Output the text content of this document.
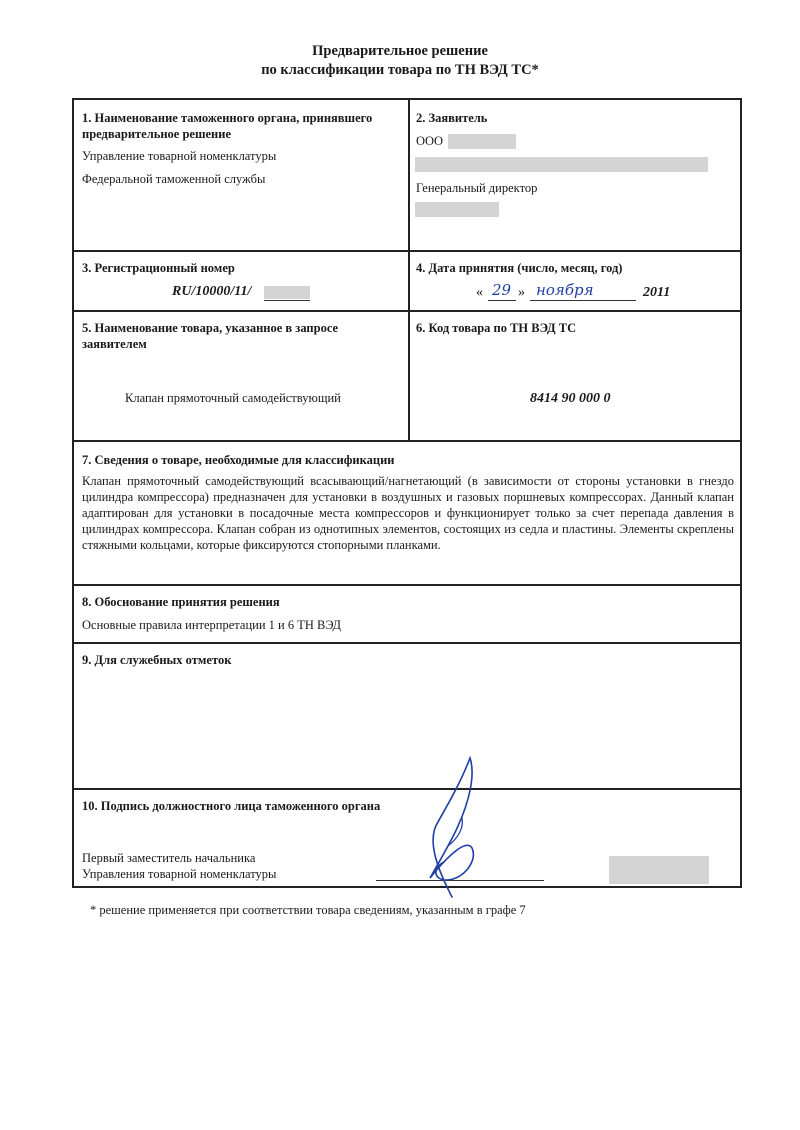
Предварительное решение
по классификации товара по ТН ВЭД ТС*
1. Наименование таможенного органа, принявшего
предварительное решение
Управление товарной номенклатуры
Федеральной таможенной службы
2. Заявитель
ООО
Генеральный директор
3. Регистрационный номер
RU/10000/11/
4. Дата принятия (число, месяц, год)
« 29 » ноября	2011
5. Наименование товара, указанное в запросе
заявителем
Клапан прямоточный самодействующий
6. Код товара по ТН ВЭД ТС
8414 90 000 0
7. Сведения о товаре, необходимые для классификации
Клапан прямоточный самодействующий всасывающий/нагнетающий (в зависимости от стороны установки в гнездо цилиндра компрессора) предназначен для установки в воздушных и газовых поршневых компрессорах. Данный клапан адаптирован для установки в посадочные места компрессоров и функционирует только за счет перепада давления в цилиндрах компрессора. Клапан собран из однотипных элементов, состоящих из седла и пластины. Элементы скреплены стяжными кольцами, которые фиксируются стопорными планками.
8. Обоснование принятия решения
Основные правила интерпретации 1 и 6 ТН ВЭД
9. Для служебных отметок
10. Подпись должностного лица таможенного органа
Первый заместитель начальника
Управления товарной номенклатуры
* решение применяется при соответствии товара сведениям, указанным в графе 7
